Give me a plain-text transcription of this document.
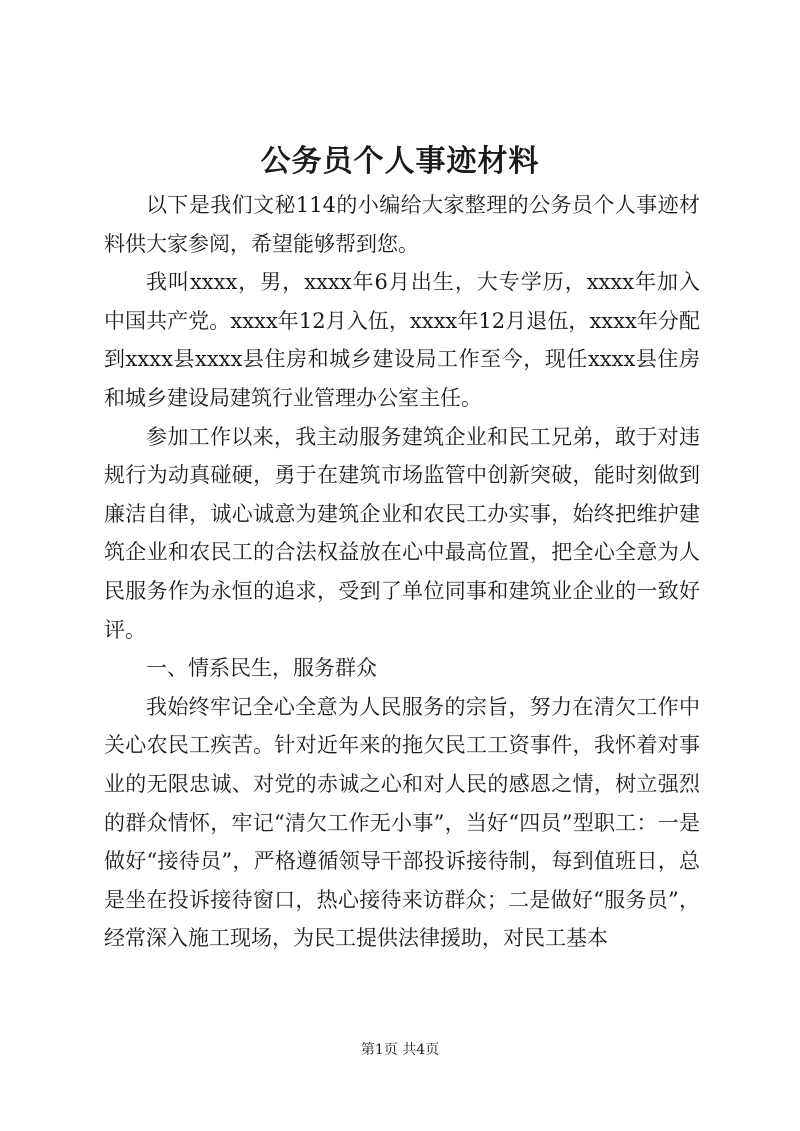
公务员个人事迹材料

以下是我们文秘114的小编给大家整理的公务员个人事迹材料供大家参阅，希望能够帮到您。

我叫xxxx，男，xxxx年6月出生，大专学历，xxxx年加入中国共产党。xxxx年12月入伍，xxxx年12月退伍，xxxx年分配到xxxx县xxxx县住房和城乡建设局工作至今，现任xxxx县住房和城乡建设局建筑行业管理办公室主任。

参加工作以来，我主动服务建筑企业和民工兄弟，敢于对违规行为动真碰硬，勇于在建筑市场监管中创新突破，能时刻做到廉洁自律，诚心诚意为建筑企业和农民工办实事，始终把维护建筑企业和农民工的合法权益放在心中最高位置，把全心全意为人民服务作为永恒的追求，受到了单位同事和建筑业企业的一致好评。

一、情系民生，服务群众

我始终牢记全心全意为人民服务的宗旨，努力在清欠工作中关心农民工疾苦。针对近年来的拖欠民工工资事件，我怀着对事业的无限忠诚、对党的赤诚之心和对人民的感恩之情，树立强烈的群众情怀，牢记“清欠工作无小事”，当好“四员”型职工：一是做好“接待员”，严格遵循领导干部投诉接待制，每到值班日，总是坐在投诉接待窗口，热心接待来访群众；二是做好“服务员”，经常深入施工现场，为民工提供法律援助，对民工基本

第1页 共4页
